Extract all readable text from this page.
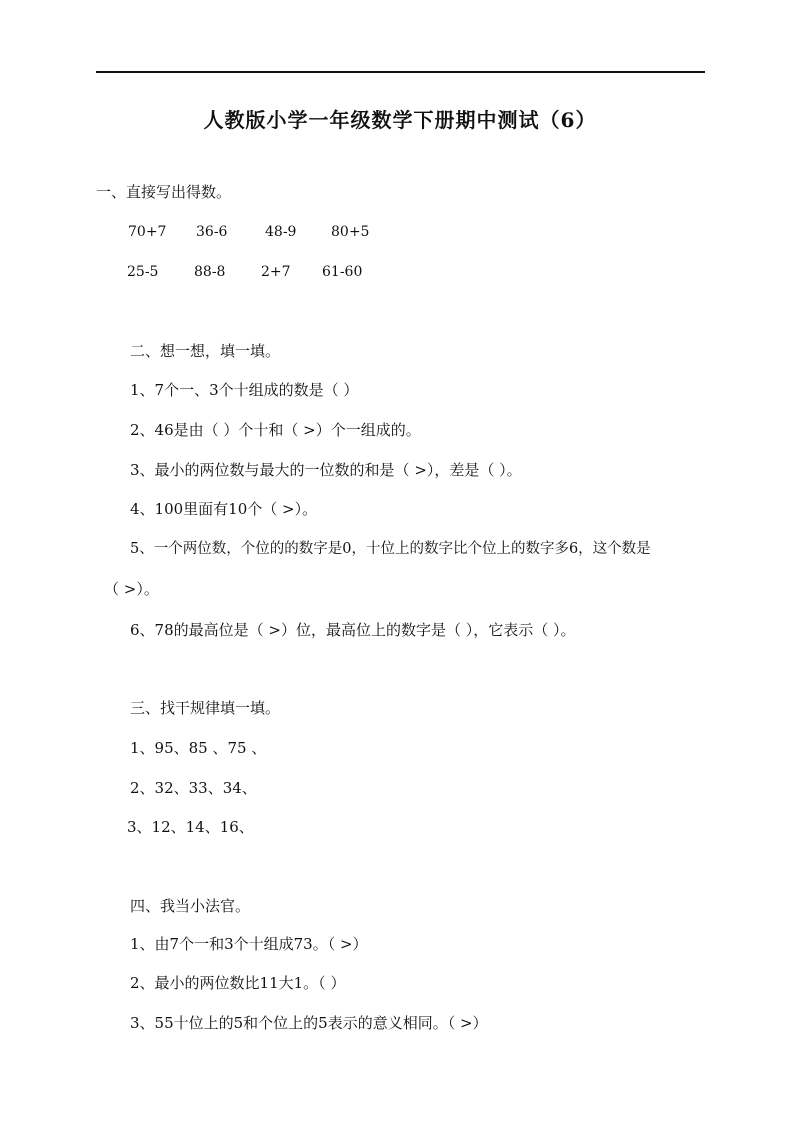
人教版小学一年级数学下册期中测试（6）
一、直接写出得数。
70+7 36-6	48-9 80+5
25-5	88-8	2+7 61-60
二、想一想，填一填。
1、7个一、3个十组成的数是（ ）
2、46是由（ ）个十和（ >）个一组成的。
3、最小的两位数与最大的一位数的和是（ >），差是（ ）。
4、100里面有10个（ >）。
5、一个两位数，个位的的数字是0，十位上的数字比个位上的数字多6，这个数是
（ >）。
6、78的最高位是（ >）位，最高位上的数字是（ ），它表示（ ）。
三、找干规律填一填。
1、95、85 、75 、
2、32、33、34、
3、12、14、16、
四、我当小法官。
1、由7个一和3个十组成73。（ >）
2、最小的两位数比11大1。（ ）
3、55十位上的5和个位上的5表示的意义相同。（ >）
